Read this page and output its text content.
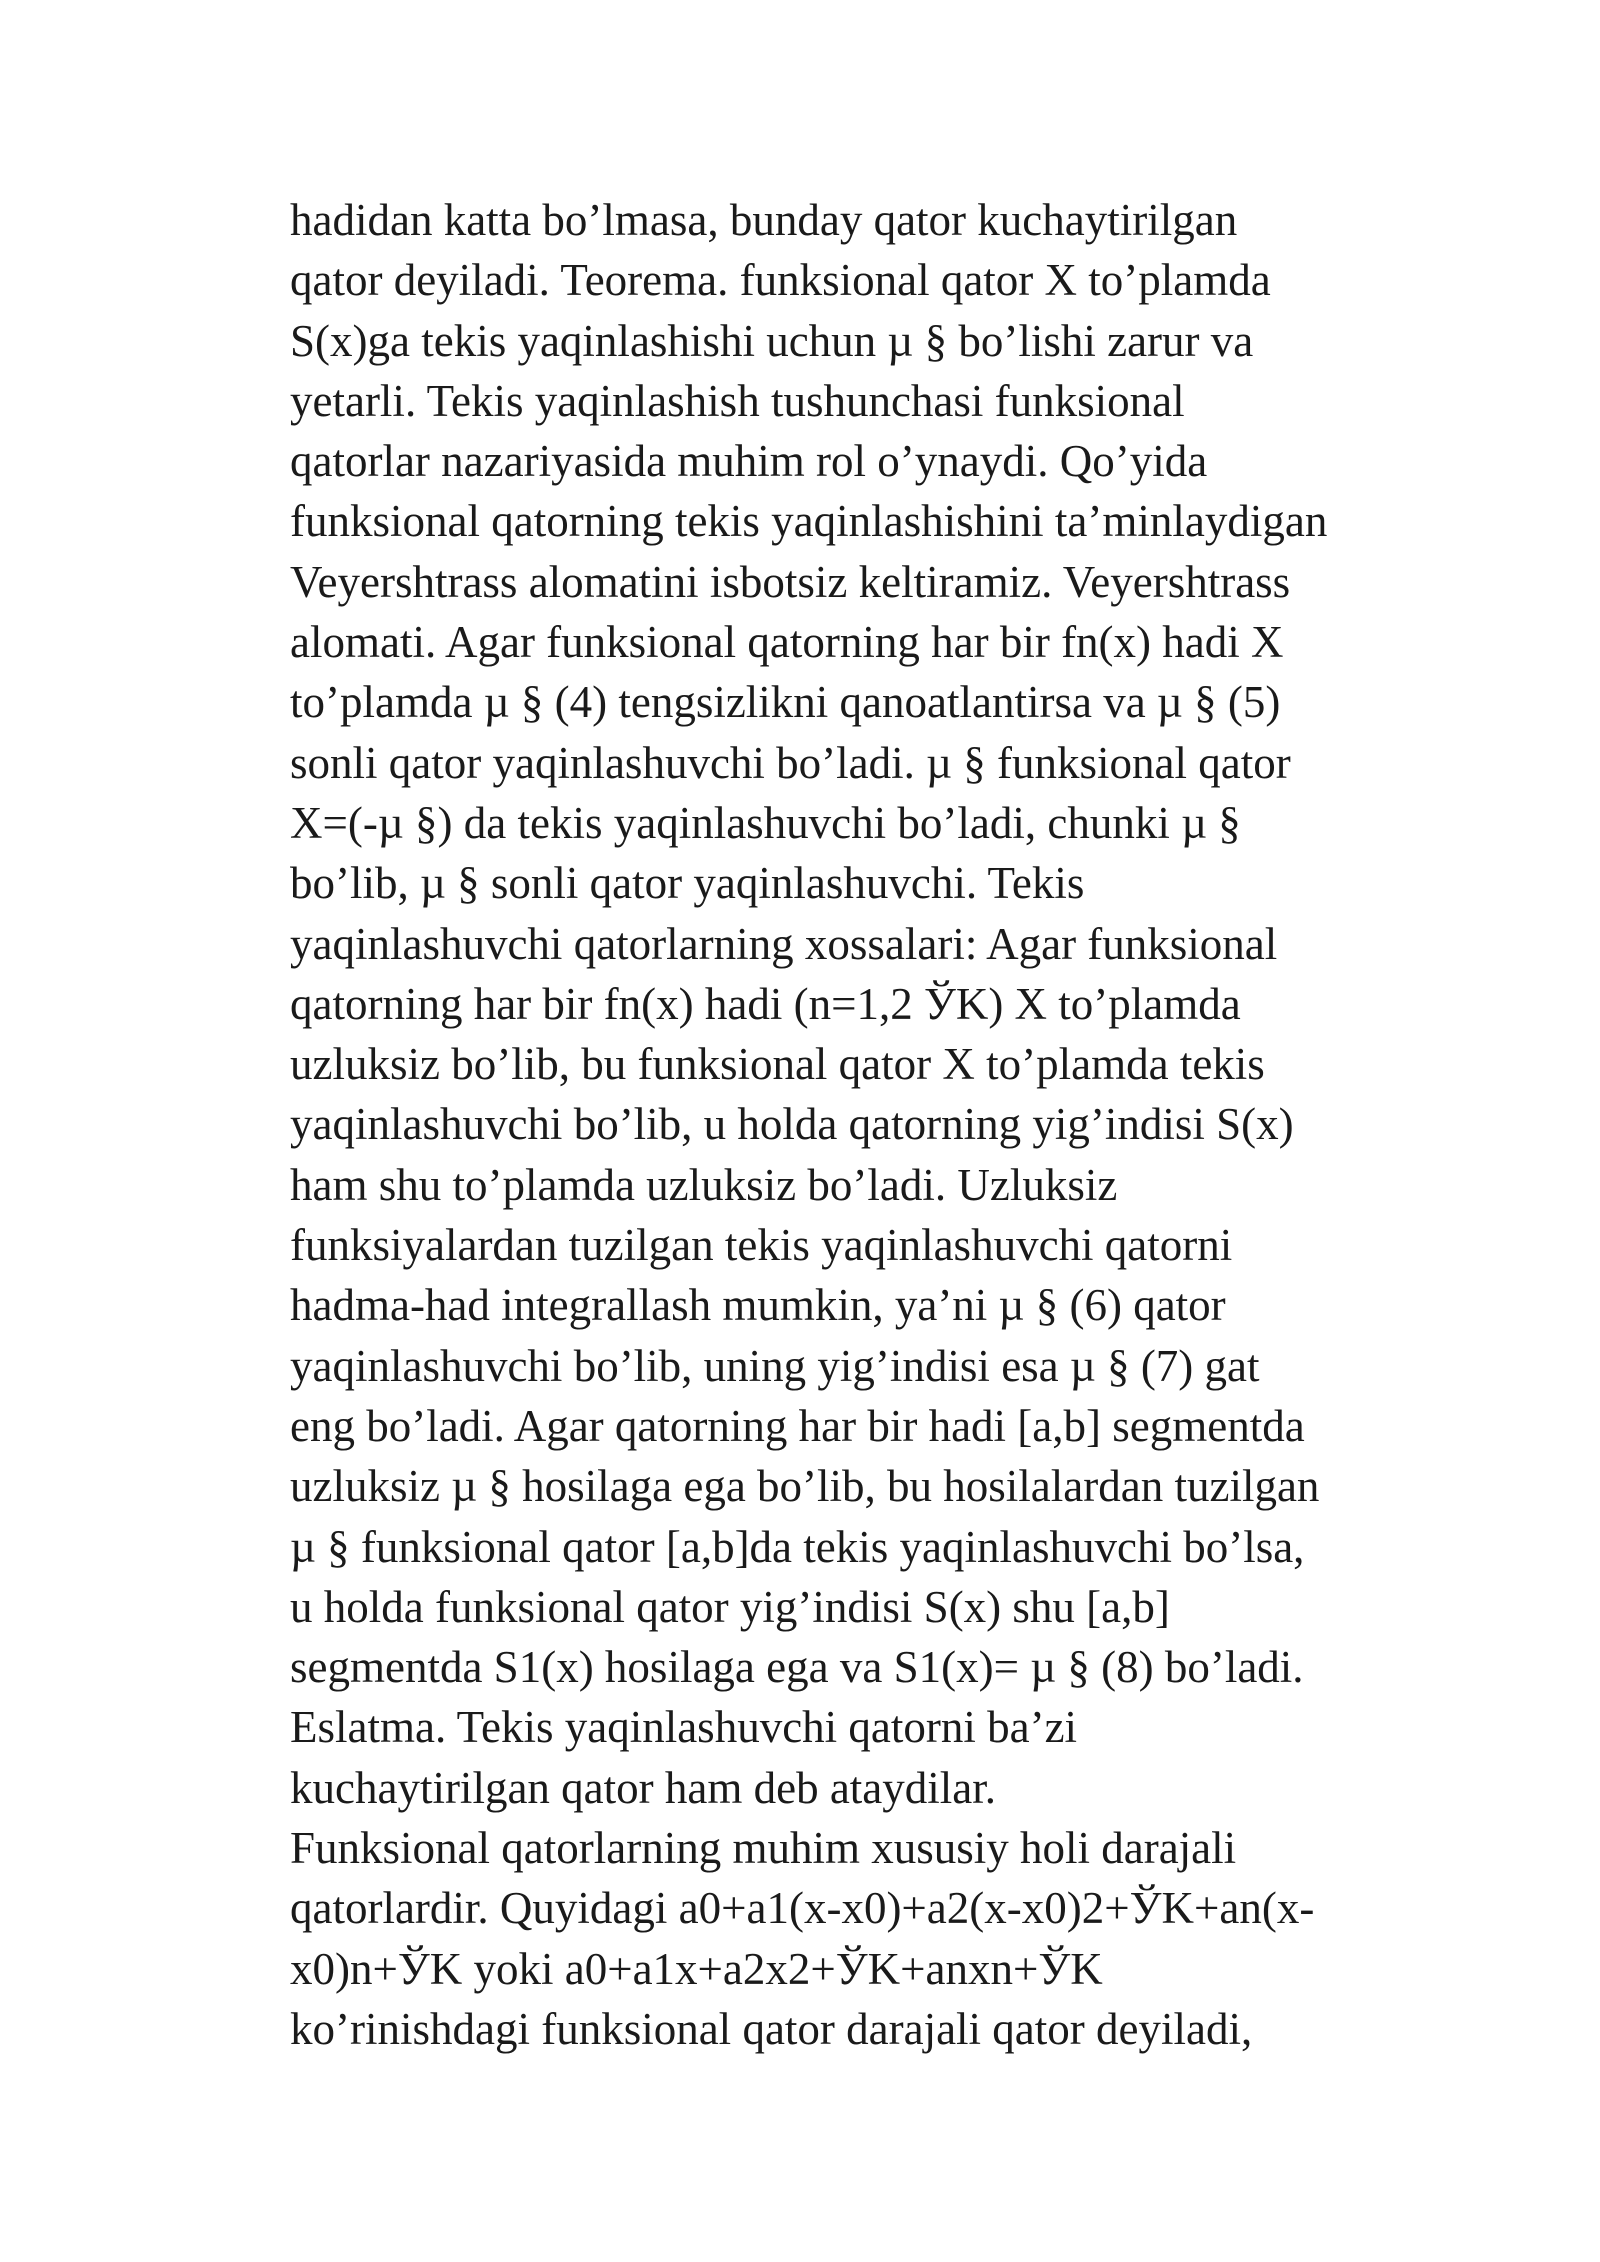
hadidan katta bo’lmasa, bunday qator kuchaytirilgan
qator deyiladi. Teorema. funksional qator X to’plamda
S(x)ga tekis yaqinlashishi uchun µ § bo’lishi zarur va
yetarli. Tekis yaqinlashish tushunchasi funksional
qatorlar nazariyasida muhim rol o’ynaydi. Qo’yida
funksional qatorning tekis yaqinlashishini ta’minlaydigan
Veyershtrass alomatini isbotsiz keltiramiz. Veyershtrass
alomati. Agar funksional qatorning har bir fn(x) hadi X
to’plamda µ § (4) tengsizlikni qanoatlantirsa va µ § (5)
sonli qator yaqinlashuvchi bo’ladi. µ § funksional qator
X=(-µ §) da tekis yaqinlashuvchi bo’ladi, chunki µ §
bo’lib, µ § sonli qator yaqinlashuvchi. Tekis
yaqinlashuvchi qatorlarning xossalari: Agar funksional
qatorning har bir fn(x) hadi (n=1,2 ЎK) X to’plamda
uzluksiz bo’lib, bu funksional qator X to’plamda tekis
yaqinlashuvchi bo’lib, u holda qatorning yig’indisi S(x)
ham shu to’plamda uzluksiz bo’ladi. Uzluksiz
funksiyalardan tuzilgan tekis yaqinlashuvchi qatorni
hadma-had integrallash mumkin, ya’ni µ § (6) qator
yaqinlashuvchi bo’lib, uning yig’indisi esa µ § (7) gat
eng bo’ladi. Agar qatorning har bir hadi [a,b] segmentda
uzluksiz µ § hosilaga ega bo’lib, bu hosilalardan tuzilgan
µ § funksional qator [a,b]da tekis yaqinlashuvchi bo’lsa,
u holda funksional qator yig’indisi S(x) shu [a,b]
segmentda S1(x) hosilaga ega va S1(x)= µ § (8) bo’ladi.
Eslatma. Tekis yaqinlashuvchi qatorni ba’zi
kuchaytirilgan qator ham deb ataydilar.
Funksional qatorlarning muhim xususiy holi darajali
qatorlardir. Quyidagi a0+a1(x-x0)+a2(x-x0)2+ЎK+an(x-
x0)n+ЎK yoki a0+a1x+a2x2+ЎK+anxn+ЎK
ko’rinishdagi funksional qator darajali qator deyiladi,
